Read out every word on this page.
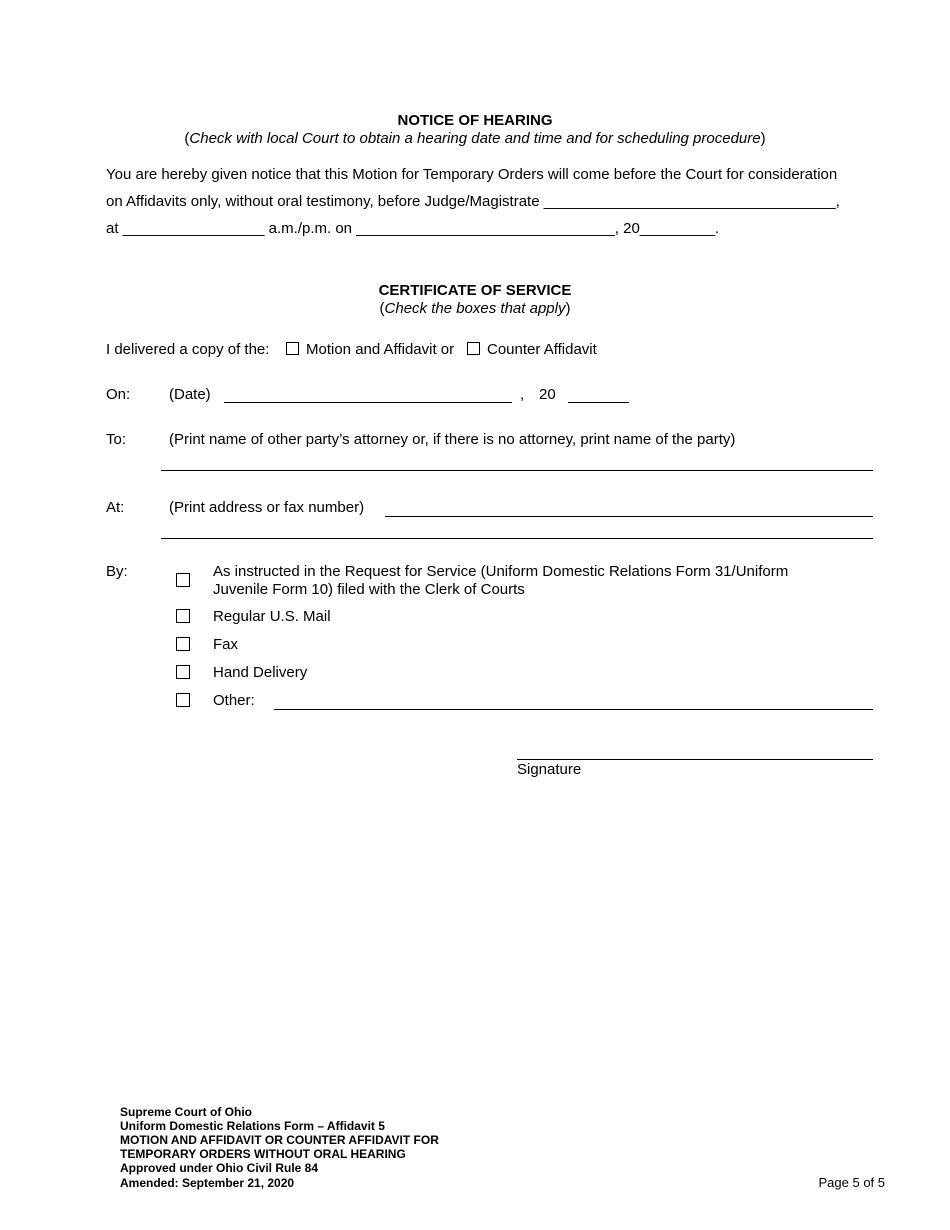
NOTICE OF HEARING
(Check with local Court to obtain a hearing date and time and for scheduling procedure)
You are hereby given notice that this Motion for Temporary Orders will come before the Court for consideration
on Affidavits only, without oral testimony, before Judge/Magistrate ___________________________________,
at _________________ a.m./p.m. on _______________________________, 20_________.
CERTIFICATE OF SERVICE
(Check the boxes that apply)
I delivered a copy of the: Motion and Affidavit or Counter Affidavit
On:	(Date)	, 20
To:	(Print name of other party’s attorney or, if there is no attorney, print name of the party)
At:	(Print address or fax number)
By:	As instructed in the Request for Service (Uniform Domestic Relations Form 31/Uniform
Juvenile Form 10) filed with the Clerk of Courts
Regular U.S. Mail
Fax
Hand Delivery
Other:
Signature
Supreme Court of Ohio
Uniform Domestic Relations Form – Affidavit 5
MOTION AND AFFIDAVIT OR COUNTER AFFIDAVIT FOR
TEMPORARY ORDERS WITHOUT ORAL HEARING
Approved under Ohio Civil Rule 84
Amended: September 21, 2020	Page 5 of 5
